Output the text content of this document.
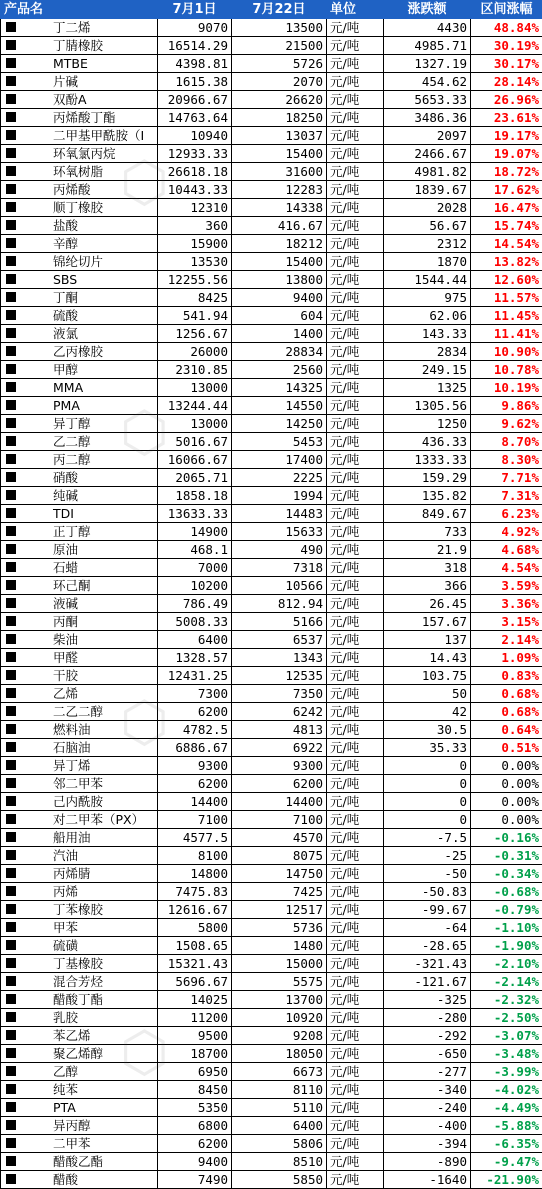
产品名	7月1日	7月22日	单位	涨跌额	区间涨幅

丁二烯	9070	13500	元/吨	4430	48.84%

丁腈橡胶	16514.29	21500	元/吨	4985.71	30.19%

MTBE	4398.81	5726	元/吨	1327.19	30.17%

片碱	1615.38	2070	元/吨	454.62	28.14%

双酚A	20966.67	26620	元/吨	5653.33	26.96%

丙烯酸丁酯	14763.64	18250	元/吨	3486.36	23.61%

二甲基甲酰胺（I	10940	13037	元/吨	2097	19.17%

环氧氯丙烷	12933.33	15400	元/吨	2466.67	19.07%

环氧树脂	26618.18	31600	元/吨	4981.82	18.72%

丙烯酸	10443.33	12283	元/吨	1839.67	17.62%

顺丁橡胶	12310	14338	元/吨	2028	16.47%

盐酸	360	416.67	元/吨	56.67	15.74%

辛醇	15900	18212	元/吨	2312	14.54%

锦纶切片	13530	15400	元/吨	1870	13.82%

SBS	12255.56	13800	元/吨	1544.44	12.60%

丁酮	8425	9400	元/吨	975	11.57%

硫酸	541.94	604	元/吨	62.06	11.45%

液氯	1256.67	1400	元/吨	143.33	11.41%

乙丙橡胶	26000	28834	元/吨	2834	10.90%

甲醇	2310.85	2560	元/吨	249.15	10.78%

MMA	13000	14325	元/吨	1325	10.19%

PMA	13244.44	14550	元/吨	1305.56	9.86%

异丁醇	13000	14250	元/吨	1250	9.62%

乙二醇	5016.67	5453	元/吨	436.33	8.70%

丙二醇	16066.67	17400	元/吨	1333.33	8.30%

硝酸	2065.71	2225	元/吨	159.29	7.71%

纯碱	1858.18	1994	元/吨	135.82	7.31%

TDI	13633.33	14483	元/吨	849.67	6.23%

正丁醇	14900	15633	元/吨	733	4.92%

原油	468.1	490	元/吨	21.9	4.68%

石蜡	7000	7318	元/吨	318	4.54%

环己酮	10200	10566	元/吨	366	3.59%

液碱	786.49	812.94	元/吨	26.45	3.36%

丙酮	5008.33	5166	元/吨	157.67	3.15%

柴油	6400	6537	元/吨	137	2.14%

甲醛	1328.57	1343	元/吨	14.43	1.09%

干胶	12431.25	12535	元/吨	103.75	0.83%

乙烯	7300	7350	元/吨	50	0.68%

二乙二醇	6200	6242	元/吨	42	0.68%

燃料油	4782.5	4813	元/吨	30.5	0.64%

石脑油	6886.67	6922	元/吨	35.33	0.51%

异丁烯	9300	9300	元/吨	0	0.00%

邻二甲苯	6200	6200	元/吨	0	0.00%

己内酰胺	14400	14400	元/吨	0	0.00%

对二甲苯（PX）	7100	7100	元/吨	0	0.00%

船用油	4577.5	4570	元/吨	-7.5	-0.16%

汽油	8100	8075	元/吨	-25	-0.31%

丙烯腈	14800	14750	元/吨	-50	-0.34%

丙烯	7475.83	7425	元/吨	-50.83	-0.68%

丁苯橡胶	12616.67	12517	元/吨	-99.67	-0.79%

甲苯	5800	5736	元/吨	-64	-1.10%

硫磺	1508.65	1480	元/吨	-28.65	-1.90%

丁基橡胶	15321.43	15000	元/吨	-321.43	-2.10%

混合芳烃	5696.67	5575	元/吨	-121.67	-2.14%

醋酸丁酯	14025	13700	元/吨	-325	-2.32%

乳胶	11200	10920	元/吨	-280	-2.50%

苯乙烯	9500	9208	元/吨	-292	-3.07%

聚乙烯醇	18700	18050	元/吨	-650	-3.48%

乙醇	6950	6673	元/吨	-277	-3.99%

纯苯	8450	8110	元/吨	-340	-4.02%

PTA	5350	5110	元/吨	-240	-4.49%

异丙醇	6800	6400	元/吨	-400	-5.88%

二甲苯	6200	5806	元/吨	-394	-6.35%

醋酸乙酯	9400	8510	元/吨	-890	-9.47%

醋酸	7490	5850	元/吨	-1640	-21.90%
⬡
⬡
⬡
⬡
